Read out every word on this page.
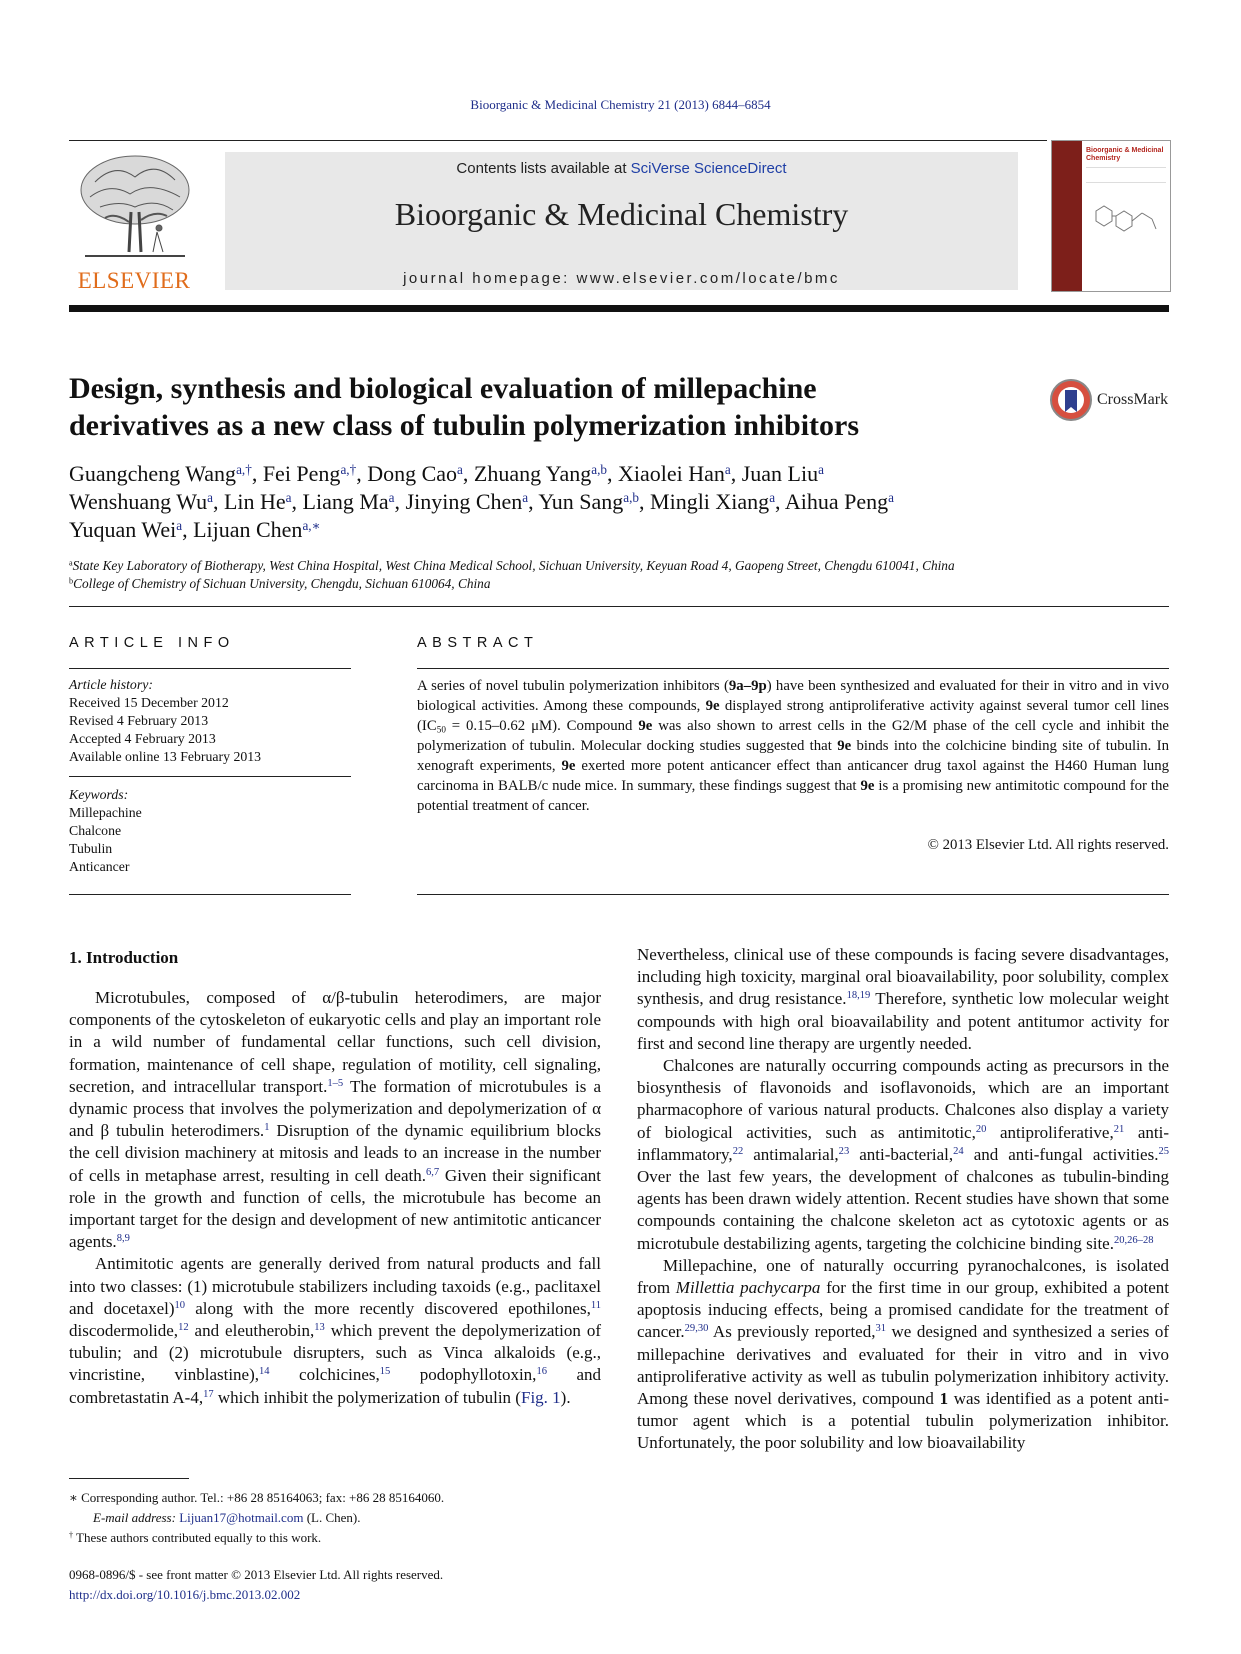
Bioorganic & Medicinal Chemistry 21 (2013) 6844–6854
ELSEVIER
Contents lists available at SciVerse ScienceDirect
Bioorganic & Medicinal Chemistry
journal homepage: www.elsevier.com/locate/bmc
Bioorganic & Medicinal Chemistry
Design, synthesis and biological evaluation of millepachine
derivatives as a new class of tubulin polymerization inhibitors
CrossMark
Guangcheng Wang$^{a,\dagger}$, Fei Peng$^{a,\dagger}$, Dong Cao$^a$, Zhuang Yang$^{a,b}$, Xiaolei Han$^a$, Juan Liu$^a$
Wenshuang Wu$^a$, Lin He$^a$, Liang Ma$^a$, Jinying Chen$^a$, Yun Sang$^{a,b}$, Mingli Xiang$^a$, Aihua Peng$^a$
Yuquan Wei$^a$, Lijuan Chen$^{a,∗}$
$^a$State Key Laboratory of Biotherapy, West China Hospital, West China Medical School, Sichuan University, Keyuan Road 4, Gaopeng Street, Chengdu 610041, China
$^b$College of Chemistry of Sichuan University, Chengdu, Sichuan 610064, China
ARTICLE INFO
Article history:
Received 15 December 2012
Revised 4 February 2013
Accepted 4 February 2013
Available online 13 February 2013
Keywords:
Millepachine
Chalcone
Tubulin
Anticancer
ABSTRACT
A series of novel tubulin polymerization inhibitors (9a–9p) have been synthesized and evaluated for their in vitro and in vivo biological activities. Among these compounds, 9e displayed strong antiproliferative activity against several tumor cell lines ($IC_{50} = 0.15-0.62$ μM). Compound 9e was also shown to arrest cells in the G2/M phase of the cell cycle and inhibit the polymerization of tubulin. Molecular docking studies suggested that 9e binds into the colchicine binding site of tubulin. In xenograft experiments, 9e exerted more potent anticancer effect than anticancer drug taxol against the H460 Human lung carcinoma in BALB/c nude mice. In summary, these findings suggest that 9e is a promising new antimitotic compound for the potential treatment of cancer.
© 2013 Elsevier Ltd. All rights reserved.
1. Introduction

Microtubules, composed of α/β-tubulin heterodimers, are major components of the cytoskeleton of eukaryotic cells and play an important role in a wild number of fundamental cellar functions, such cell division, formation, maintenance of cell shape, regulation of motility, cell signaling, secretion, and intracellular transport.$^{1-5}$ The formation of microtubules is a dynamic process that involves the polymerization and depolymerization of α and β tubulin heterodimers.$^1$ Disruption of the dynamic equilibrium blocks the cell division machinery at mitosis and leads to an increase in the number of cells in metaphase arrest, resulting in cell death.$^{6,7}$ Given their significant role in the growth and function of cells, the microtubule has become an important target for the design and development of new antimitotic anticancer agents.$^{8,9}$

Antimitotic agents are generally derived from natural products and fall into two classes: (1) microtubule stabilizers including taxoids (e.g., paclitaxel and docetaxel)$^{10}$ along with the more recently discovered epothilones,$^{11}$ discodermolide,$^{12}$ and eleutherobin,$^{13}$ which prevent the depolymerization of tubulin; and (2) microtubule disrupters, such as Vinca alkaloids (e.g., vincristine, vinblastine),$^{14}$ colchicines,$^{15}$ podophyllotoxin,$^{16}$ and combretastatin A-4,17 which inhibit the polymerization of tubulin (Fig. 1).

Nevertheless, clinical use of these compounds is facing severe disadvantages, including high toxicity, marginal oral bioavailability, poor solubility, complex synthesis, and drug resistance.$^{18,19}$ Therefore, synthetic low molecular weight compounds with high oral bioavailability and potent antitumor activity for first and second line therapy are urgently needed.

Chalcones are naturally occurring compounds acting as precursors in the biosynthesis of flavonoids and isoflavonoids, which are an important pharmacophore of various natural products. Chalcones also display a variety of biological activities, such as antimitotic,$^{20}$ antiproliferative,$^{21}$ anti-inflammatory,$^{22}$ antimalarial,$^{23}$ anti-bacterial,$^{24}$ and anti-fungal activities.$^{25}$ Over the last few years, the development of chalcones as tubulin-binding agents has been drawn widely attention. Recent studies have shown that some compounds containing the chalcone skeleton act as cytotoxic agents or as microtubule destabilizing agents, targeting the colchicine binding site.$^{20,26-28}$

Millepachine, one of naturally occurring pyranochalcones, is isolated from Millettia pachycarpa for the first time in our group, exhibited a potent apoptosis inducing effects, being a promised candidate for the treatment of cancer.$^{29,30}$ As previously reported,$^{31}$ we designed and synthesized a series of millepachine derivatives and evaluated for their in vitro and in vivo antiproliferative activity as well as tubulin polymerization inhibitory activity. Among these novel derivatives, compound 1 was identified as a potent anti-tumor agent which is a potential tubulin polymerization inhibitor. Unfortunately, the poor solubility and low bioavailability

∗ Corresponding author. Tel.: +86 28 85164063; fax: +86 28 85164060.
E-mail address: Lijuan17@hotmail.com (L. Chen).
† These authors contributed equally to this work.
0968-0896/$ - see front matter © 2013 Elsevier Ltd. All rights reserved.
http://dx.doi.org/10.1016/j.bmc.2013.02.002
